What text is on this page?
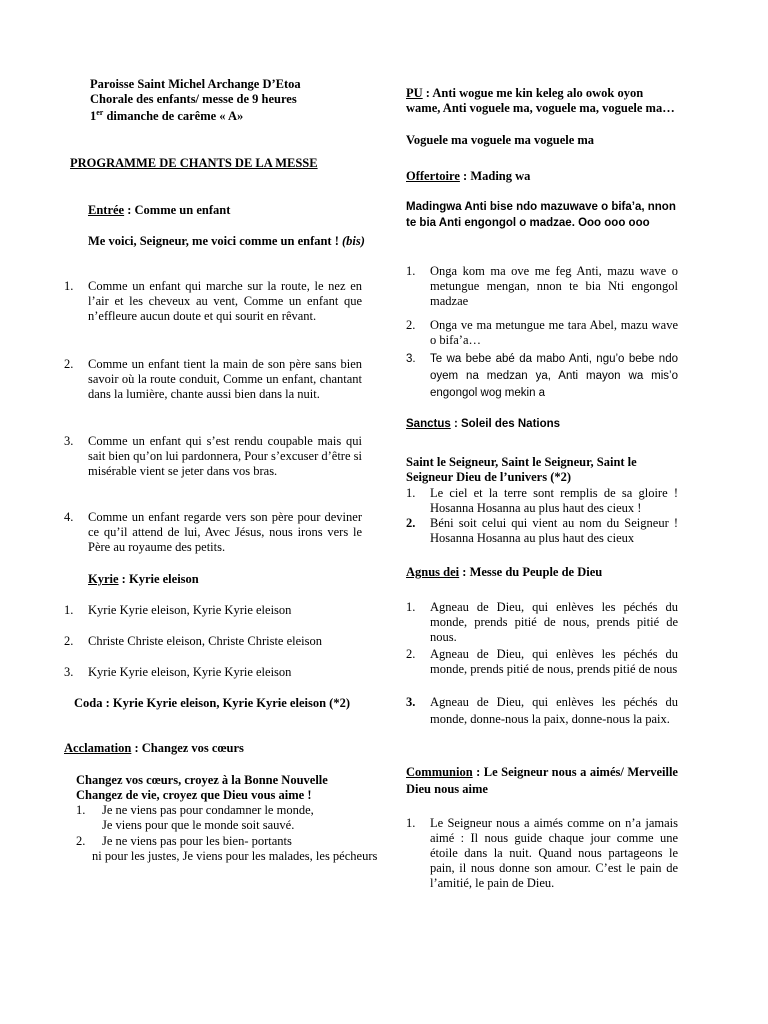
Paroisse Saint Michel Archange D’Etoa

Chorale des enfants/ messe de 9 heures

1er dimanche de carême « A»

PROGRAMME DE CHANTS DE LA MESSE

Entrée : Comme un enfant

Me voici, Seigneur, me voici comme un enfant ! (bis)

1. Comme un enfant qui marche sur la route, le nez en l’air et les cheveux au vent, Comme un enfant que n’effleure aucun doute et qui sourit en rêvant.

2. Comme un enfant tient la main de son père sans bien savoir où la route conduit, Comme un enfant, chantant dans la lumière, chante aussi bien dans la nuit.

3. Comme un enfant qui s’est rendu coupable mais qui sait bien qu’on lui pardonnera, Pour s’excuser d’être si misérable vient se jeter dans vos bras.

4. Comme un enfant regarde vers son père pour deviner ce qu’il attend de lui, Avec Jésus, nous irons vers le Père au royaume des petits.

Kyrie : Kyrie eleison

1. Kyrie Kyrie eleison, Kyrie Kyrie eleison

2. Christe Christe eleison, Christe Christe eleison

3. Kyrie Kyrie eleison, Kyrie Kyrie eleison

Coda : Kyrie Kyrie eleison, Kyrie Kyrie eleison (*2)

Acclamation : Changez vos cœurs

Changez vos cœurs, croyez à la Bonne Nouvelle

Changez de vie, croyez que Dieu vous aime !

1. Je ne viens pas pour condamner le monde,

Je viens pour que le monde soit sauvé.

2. Je ne viens pas pour les bien- portants

ni pour les justes, Je viens pour les malades, les pécheurs

PU : Anti wogue me kin keleg alo owok oyon wame, Anti voguele ma, voguele ma, voguele ma…

Voguele ma voguele ma voguele ma

Offertoire : Mading wa

Madingwa Anti bise ndo mazuwave o bifa’a, nnon te bia Anti engongol o madzae. Ooo ooo ooo

1. Onga kom ma ove me feg Anti, mazu wave o metungue mengan, nnon te bia Nti engongol madzae

2. Onga ve ma metungue me tara Abel, mazu wave o bifa’a…

3. Te wa bebe abé da mabo Anti, ngu’o bebe ndo oyem na medzan ya, Anti mayon wa mis’o engongol wog mekin a

Sanctus : Soleil des Nations

Saint le Seigneur, Saint le Seigneur, Saint le Seigneur Dieu de l’univers (*2)

1. Le ciel et la terre sont remplis de sa gloire ! Hosanna Hosanna au plus haut des cieux !

2. Béni soit celui qui vient au nom du Seigneur ! Hosanna Hosanna au plus haut des cieux

Agnus dei : Messe du Peuple de Dieu

1. Agneau de Dieu, qui enlèves les péchés du monde, prends pitié de nous, prends pitié de nous.

2. Agneau de Dieu, qui enlèves les péchés du monde, prends pitié de nous, prends pitié de nous

3. Agneau de Dieu, qui enlèves les péchés du monde, donne-nous la paix, donne-nous la paix.

Communion : Le Seigneur nous a aimés/ Merveille Dieu nous aime

1. Le Seigneur nous a aimés comme on n’a jamais aimé : Il nous guide chaque jour comme une étoile dans la nuit. Quand nous partageons le pain, il nous donne son amour. C’est le pain de l’amitié, le pain de Dieu.
